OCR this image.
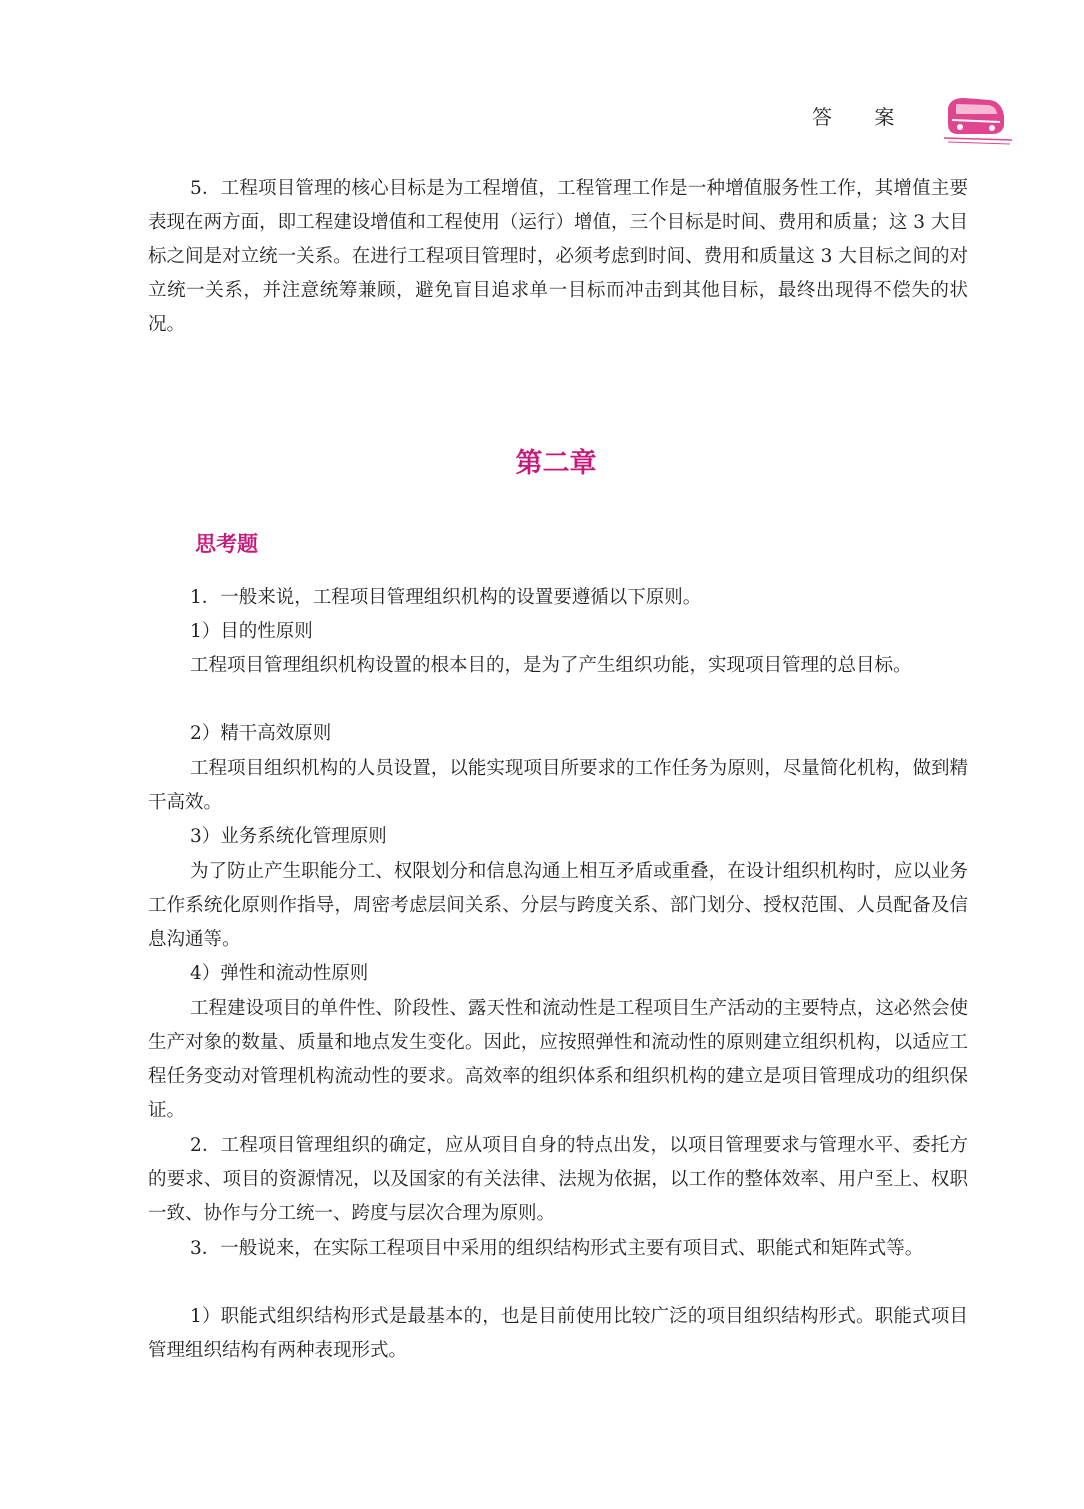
答 案

5．工程项目管理的核心目标是为工程增值，工程管理工作是一种增值服务性工作，其增值主要表现在两方面，即工程建设增值和工程使用（运行）增值，三个目标是时间、费用和质量；这 3 大目标之间是对立统一关系。在进行工程项目管理时，必须考虑到时间、费用和质量这 3 大目标之间的对立统一关系，并注意统筹兼顾，避免盲目追求单一目标而冲击到其他目标，最终出现得不偿失的状况。

第二章
思考题

1．一般来说，工程项目管理组织机构的设置要遵循以下原则。

1）目的性原则

工程项目管理组织机构设置的根本目的，是为了产生组织功能，实现项目管理的总目标。

2）精干高效原则

工程项目组织机构的人员设置，以能实现项目所要求的工作任务为原则，尽量简化机构，做到精干高效。

3）业务系统化管理原则

为了防止产生职能分工、权限划分和信息沟通上相互矛盾或重叠，在设计组织机构时，应以业务工作系统化原则作指导，周密考虑层间关系、分层与跨度关系、部门划分、授权范围、人员配备及信息沟通等。

4）弹性和流动性原则

工程建设项目的单件性、阶段性、露天性和流动性是工程项目生产活动的主要特点，这必然会使生产对象的数量、质量和地点发生变化。因此，应按照弹性和流动性的原则建立组织机构，以适应工程任务变动对管理机构流动性的要求。高效率的组织体系和组织机构的建立是项目管理成功的组织保证。

2．工程项目管理组织的确定，应从项目自身的特点出发，以项目管理要求与管理水平、委托方的要求、项目的资源情况，以及国家的有关法律、法规为依据，以工作的整体效率、用户至上、权职一致、协作与分工统一、跨度与层次合理为原则。

3．一般说来，在实际工程项目中采用的组织结构形式主要有项目式、职能式和矩阵式等。

1）职能式组织结构形式是最基本的，也是目前使用比较广泛的项目组织结构形式。职能式项目管理组织结构有两种表现形式。
